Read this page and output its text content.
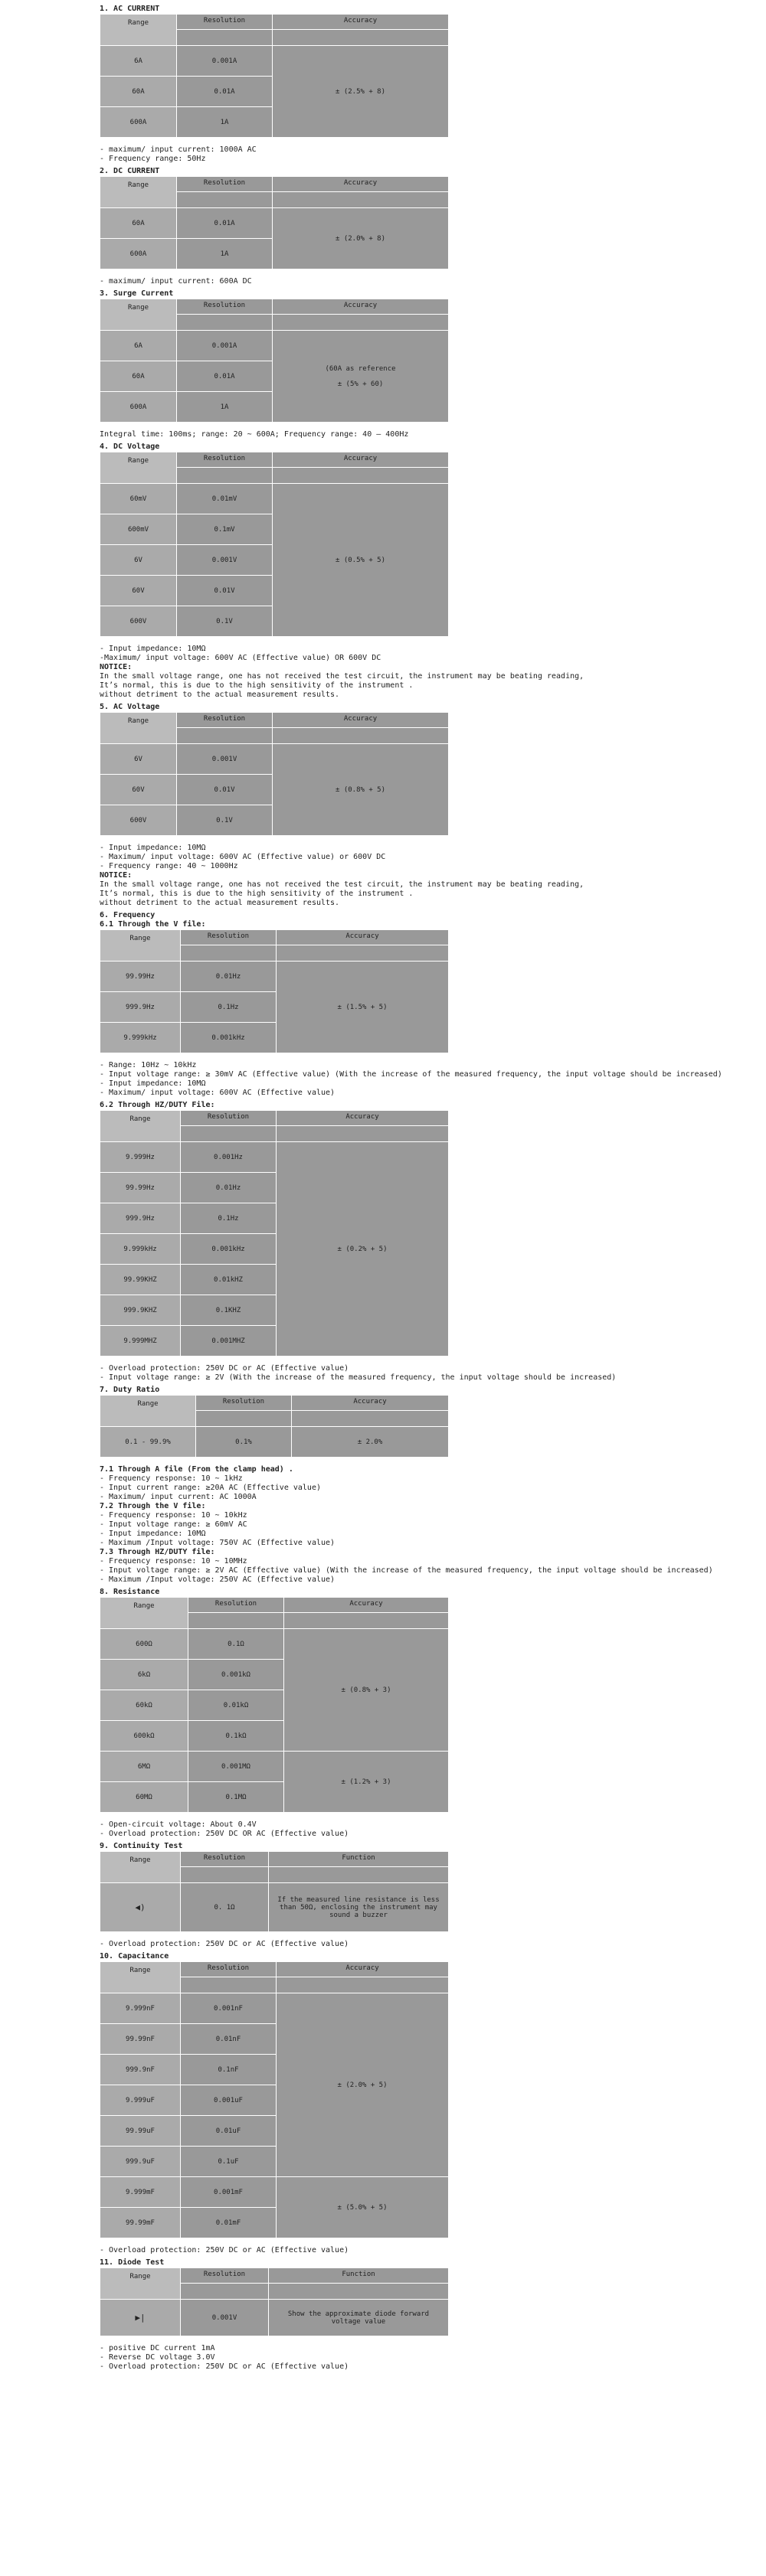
1. AC CURRENT
Range	Resolution	Accuracy

6A	0.001A	± (2.5% + 8)
60A	0.01A	
600A	1A	
- maximum/ input current: 1000A AC
- Frequency range: 50Hz
2. DC CURRENT
Range	Resolution	Accuracy

60A	0.01A	± (2.0% + 8)
600A	1A	
- maximum/ input current: 600A DC
3. Surge Current
Range	Resolution	Accuracy

6A	0.001A	(60A as reference
± (5% + 60)

60A	0.01A	
600A	1A	
Integral time: 100ms; range: 20 ~ 600A; Frequency range: 40 — 400Hz
4. DC Voltage
Range	Resolution	Accuracy

60mV	0.01mV	± (0.5% + 5)
600mV	0.1mV	
6V	0.001V	
60V	0.01V	
600V	0.1V	
- Input impedance: 10MΩ
-Maximum/ input voltage: 600V AC (Effective value) OR 600V DC
NOTICE:
In the small voltage range, one has not received the test circuit, the instrument may be beating reading,
It’s normal, this is due to the high sensitivity of the instrument .
without detriment to the actual measurement results.
5. AC Voltage
Range	Resolution	Accuracy

6V	0.001V	± (0.8% + 5)
60V	0.01V	
600V	0.1V	
- Input impedance: 10MΩ
- Maximum/ input voltage: 600V AC (Effective value) or 600V DC
- Frequency range: 40 ~ 1000Hz
NOTICE:
In the small voltage range, one has not received the test circuit, the instrument may be beating reading,
It’s normal, this is due to the high sensitivity of the instrument .
without detriment to the actual measurement results.
6. Frequency
6.1 Through the V file:
Range	Resolution	Accuracy

99.99Hz	0.01Hz	± (1.5% + 5)
999.9Hz	0.1Hz	
9.999kHz	0.001kHz	
- Range: 10Hz ~ 10kHz
- Input voltage range: ≥ 30mV AC (Effective value) (With the increase of the measured frequency, the input voltage should be increased)
- Input impedance: 10MΩ
- Maximum/ input voltage: 600V AC (Effective value)
6.2 Through HZ/DUTY File:
Range	Resolution	Accuracy

9.999Hz	0.001Hz	± (0.2% + 5)
99.99Hz	0.01Hz	
999.9Hz	0.1Hz	
9.999kHz	0.001kHz	
99.99KHZ	0.01kHZ	
999.9KHZ	0.1KHZ	
9.999MHZ	0.001MHZ	
- Overload protection: 250V DC or AC (Effective value)
- Input voltage range: ≥ 2V (With the increase of the measured frequency, the input voltage should be increased)
7. Duty Ratio
Range	Resolution	Accuracy

0.1 - 99.9%	0.1%	± 2.0%
7.1 Through A file (From the clamp head) .
- Frequency response: 10 ~ 1kHz
- Input current range: ≥20A AC (Effective value)
- Maximum/ input current: AC 1000A
7.2 Through the V file:
- Frequency response: 10 ~ 10kHz
- Input voltage range: ≥ 60mV AC
- Input impedance: 10MΩ
- Maximum /Input voltage: 750V AC (Effective value)
7.3 Through HZ/DUTY file:
- Frequency response: 10 ~ 10MHz
- Input voltage range: ≥ 2V AC (Effective value) (With the increase of the measured frequency, the input voltage should be increased)
- Maximum /Input voltage: 250V AC (Effective value)
8. Resistance
Range	Resolution	Accuracy

600Ω	0.1Ω	± (0.8% + 3)
6kΩ	0.001kΩ	
60kΩ	0.01kΩ	
600kΩ	0.1kΩ	
6MΩ	0.001MΩ	± (1.2% + 3)
60MΩ	0.1MΩ	
- Open-circuit voltage: About 0.4V
- Overload protection: 250V DC OR AC (Effective value)
9. Continuity Test
Range	Resolution	Function

◀)	0. 1Ω	If the measured line resistance is less than 50Ω, enclosing the instrument may sound a buzzer
- Overload protection: 250V DC or AC (Effective value)
10. Capacitance
Range	Resolution	Accuracy

9.999nF	0.001nF	± (2.0% + 5)
99.99nF	0.01nF	
999.9nF	0.1nF	
9.999uF	0.001uF	
99.99uF	0.01uF	
999.9uF	0.1uF	
9.999mF	0.001mF	± (5.0% + 5)
99.99mF	0.01mF	
- Overload protection: 250V DC or AC (Effective value)
11. Diode Test
Range	Resolution	Function

▶|	0.001V	Show the approximate diode forward voltage value
- positive DC current 1mA
- Reverse DC voltage 3.0V
- Overload protection: 250V DC or AC (Effective value)
